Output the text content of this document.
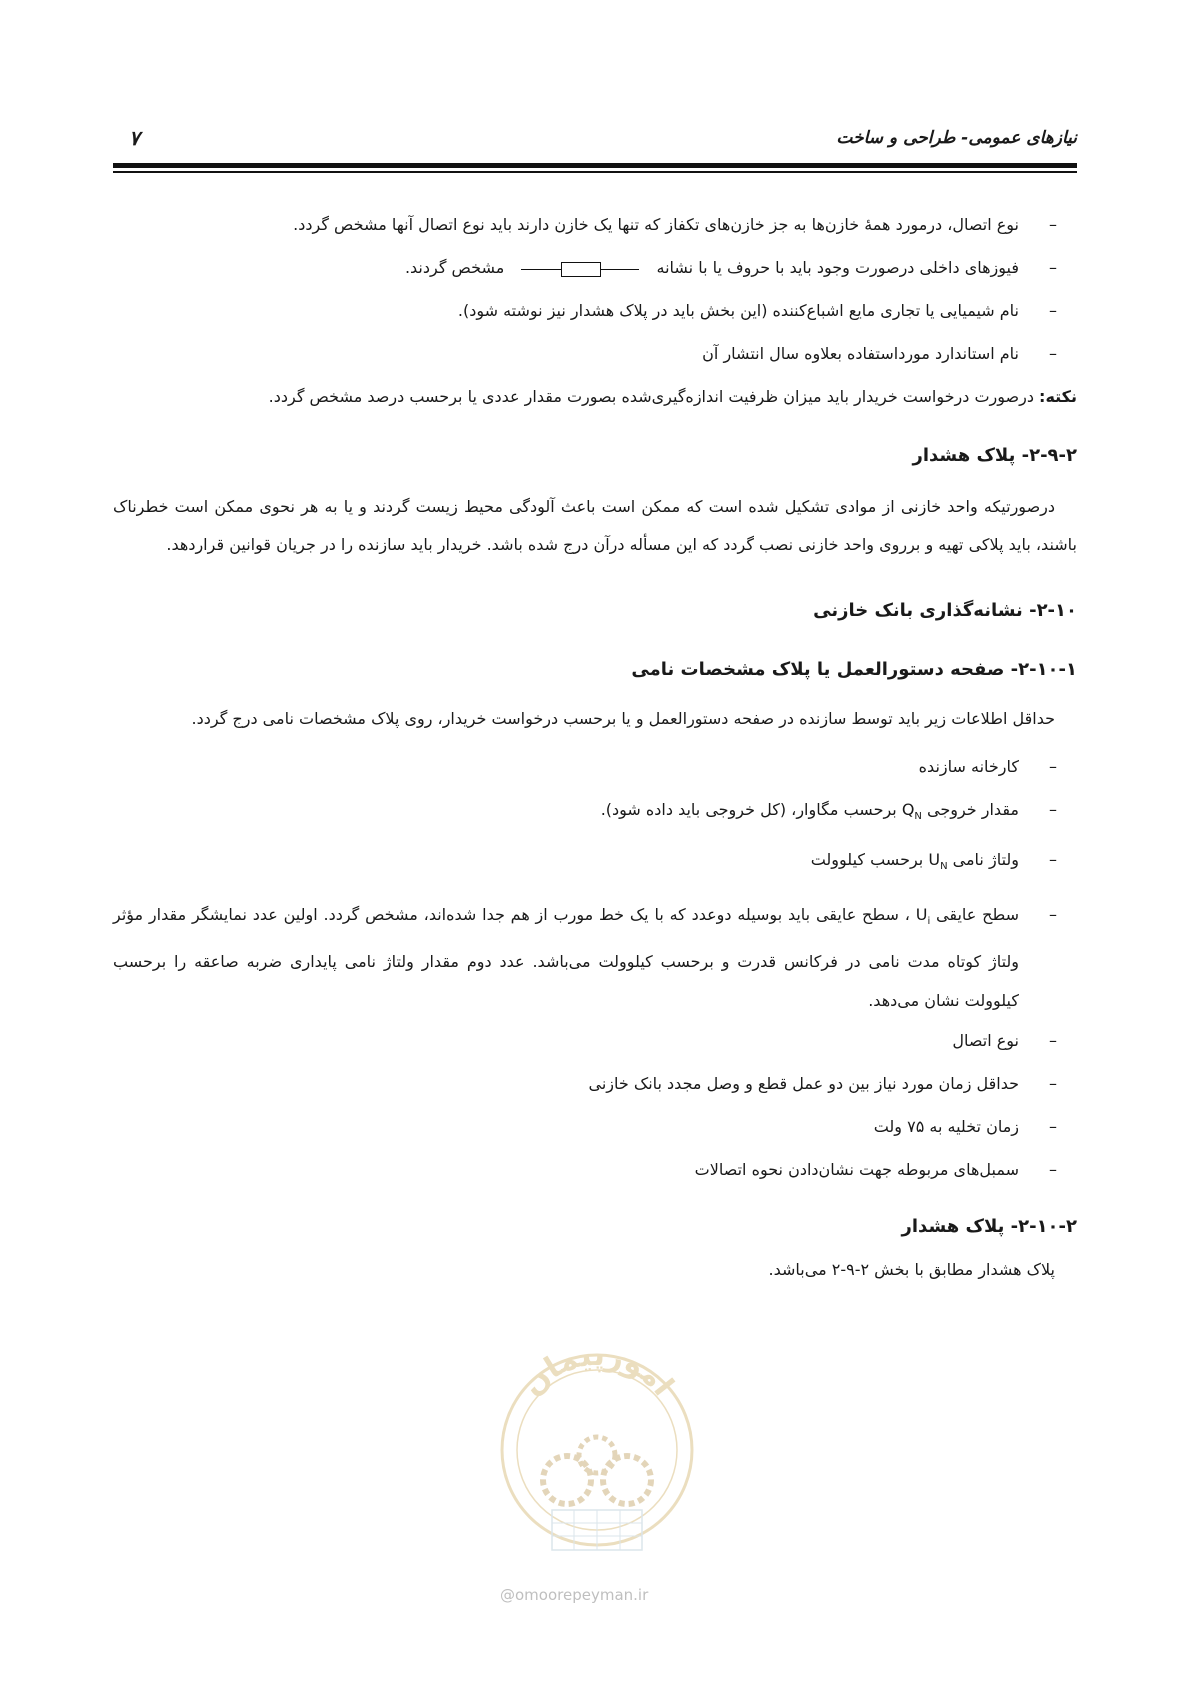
نیازهای عمومی- طراحی و ساخت
۷
–
نوع اتصال، درمورد همهٔ خازن‌ها به جز خازن‌های تکفاز که تنها یک خازن دارند باید نوع اتصال آنها مشخص گردد.
–
فیوزهای داخلی درصورت وجود باید با حروف یا با نشانه
مشخص گردند.
–
نام شیمیایی یا تجاری مایع اشباع‌کننده (این بخش باید در پلاک هشدار نیز نوشته شود).
–
نام استاندارد مورداستفاده بعلاوه سال انتشار آن
نکته: درصورت درخواست خریدار باید میزان ظرفیت اندازه‌گیری‌شده بصورت مقدار عددی یا برحسب درصد مشخص گردد.
۲-۹-۲- پلاک هشدار

درصورتیکه واحد خازنی از موادی تشکیل شده است که ممکن است باعث آلودگی محیط زیست گردند و یا به هر نحوی ممکن است خطرناک باشند، باید پلاکی تهیه و برروی واحد خازنی نصب گردد که این مسأله درآن درج شده باشد. خریدار باید سازنده را در جریان قوانین قراردهد.

۲-۱۰- نشانه‌گذاری بانک خازنی
۲-۱۰-۱- صفحه دستورالعمل یا پلاک مشخصات نامی

حداقل اطلاعات زیر باید توسط سازنده در صفحه دستورالعمل و یا برحسب درخواست خریدار، روی پلاک مشخصات نامی درج گردد.

–
کارخانه سازنده
–
مقدار خروجی $Q_N$ برحسب مگاوار، (کل خروجی باید داده شود).
–
ولتاژ نامی $U_N$ برحسب کیلوولت
–
سطح عایقی $U_i$ ، سطح عایقی باید بوسیله دوعدد که با یک خط مورب از هم جدا شده‌اند، مشخص گردد. اولین عدد نمایشگر مقدار مؤثر ولتاژ کوتاه مدت نامی در فرکانس قدرت و برحسب کیلوولت می‌باشد. عدد دوم مقدار ولتاژ نامی پایداری ضربه صاعقه را برحسب کیلوولت نشان می‌دهد.
–
نوع اتصال
–
حداقل زمان مورد نیاز بین دو عمل قطع و وصل مجدد بانک خازنی
–
زمان تخلیه به ۷۵ ولت
–
سمبل‌های مربوطه جهت نشان‌دادن نحوه اتصالات
۲-۱۰-۲- پلاک هشدار

پلاک هشدار مطابق با بخش ۲-۹-۲ می‌باشد.

امورپیمان
@omoorepeyman.ir
